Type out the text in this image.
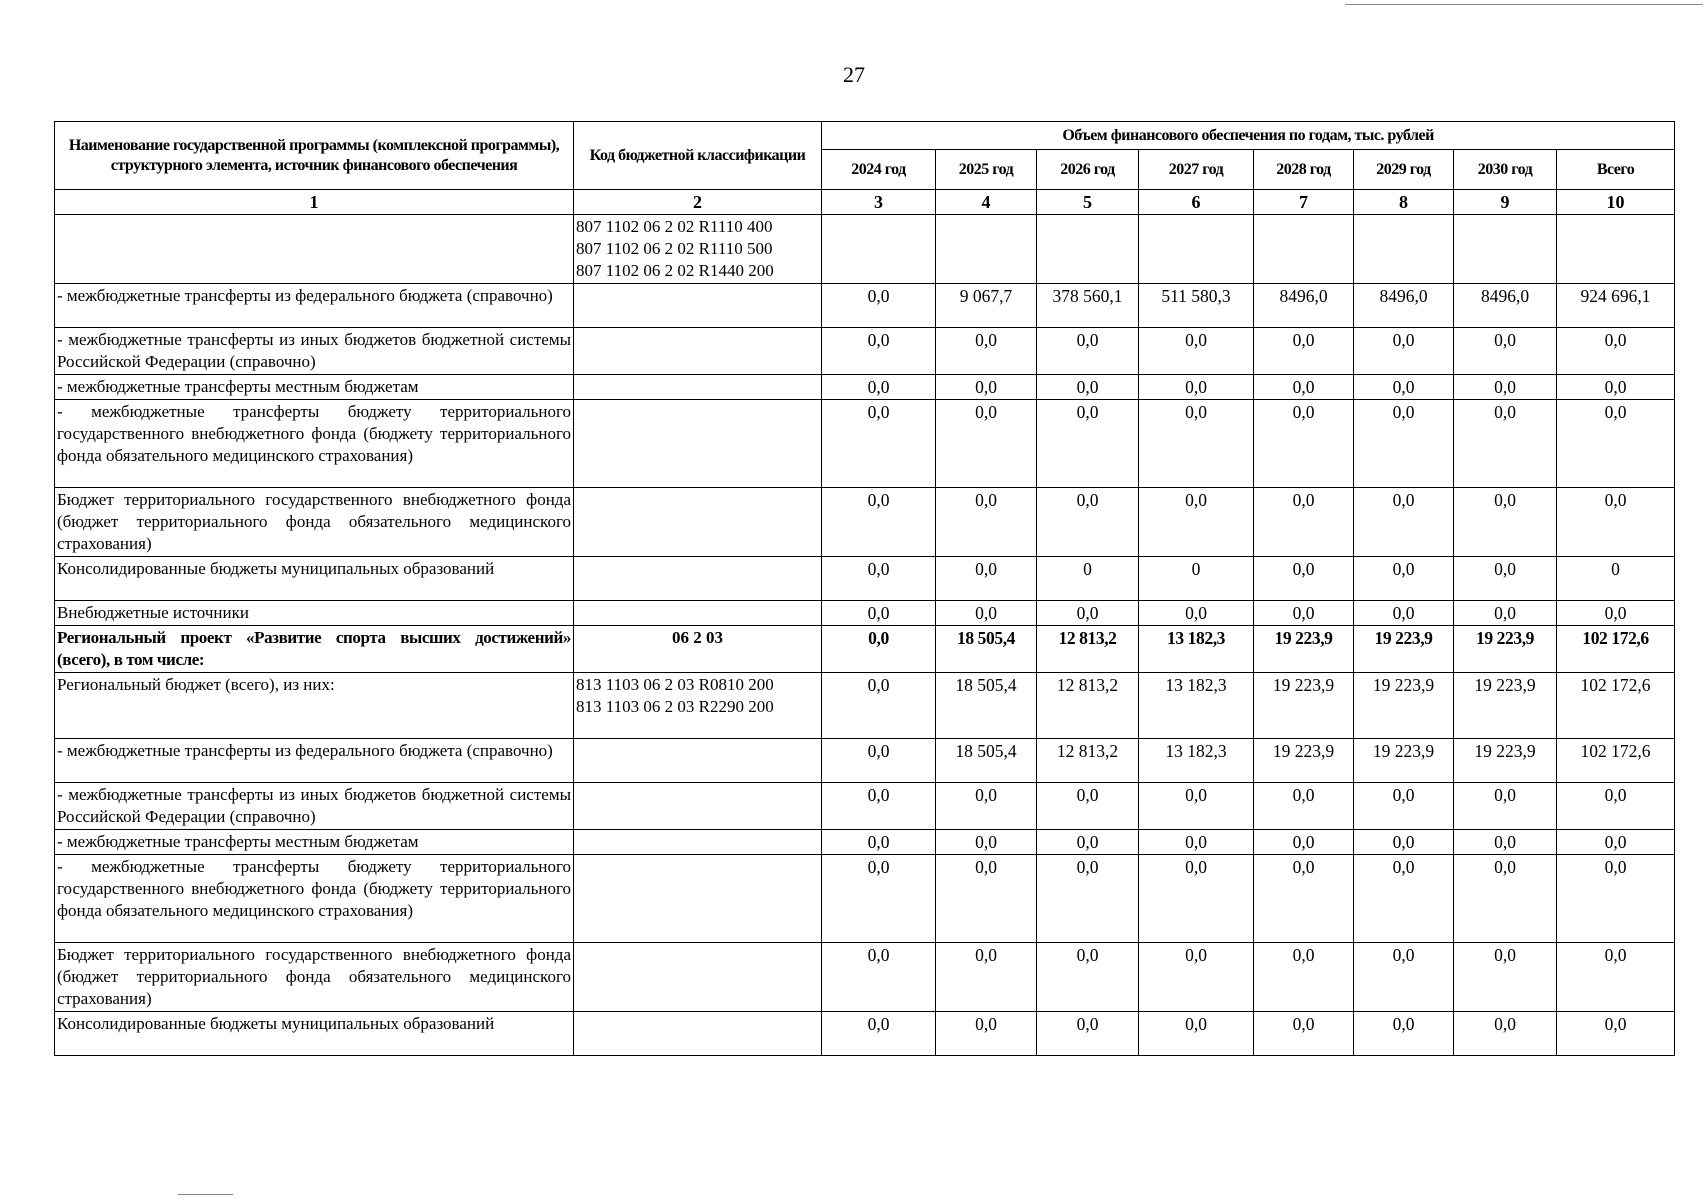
27
Наименование государственной программы (комплексной программы), структурного элемента, источник финансового обеспечения	Код бюджетной классификации	Объем финансового обеспечения по годам, тыс. рублей							
		2024 год	2025 год	2026 год	2027 год	2028 год	2029 год	2030 год	Всего
1	2	3	4	5	6	7	8	9	10

	807 1102 06 2 02 R1110 400
807 1102 06 2 02 R1110 500
807 1102 06 2 02 R1440 200								

- межбюджетные трансферты из федерального бюджета (справочно)		0,0	9 067,7	378 560,1	511 580,3	8496,0	8496,0	8496,0	924 696,1
- межбюджетные трансферты из иных бюджетов бюджетной системы Российской Федерации (справочно)		0,0	0,0	0,0	0,0	0,0	0,0	0,0	0,0
- межбюджетные трансферты местным бюджетам		0,0	0,0	0,0	0,0	0,0	0,0	0,0	0,0
- межбюджетные трансферты бюджету территориального государственного внебюджетного фонда (бюджету территориального фонда обязательного медицинского страхования)		0,0	0,0	0,0	0,0	0,0	0,0	0,0	0,0
Бюджет территориального государственного внебюджетного фонда (бюджет территориального фонда обязательного медицинского страхования)		0,0	0,0	0,0	0,0	0,0	0,0	0,0	0,0
Консолидированные бюджеты муниципальных образований		0,0	0,0	0	0	0,0	0,0	0,0	0
Внебюджетные источники		0,0	0,0	0,0	0,0	0,0	0,0	0,0	0,0
Региональный проект «Развитие спорта высших достижений» (всего), в том числе:	06 2 03	0,0	18 505,4	12 813,2	13 182,3	19 223,9	19 223,9	19 223,9	102 172,6
Региональный бюджет (всего), из них:	813 1103 06 2 03 R0810 200
813 1103 06 2 03 R2290 200	0,0	18 505,4	12 813,2	13 182,3	19 223,9	19 223,9	19 223,9	102 172,6
- межбюджетные трансферты из федерального бюджета (справочно)		0,0	18 505,4	12 813,2	13 182,3	19 223,9	19 223,9	19 223,9	102 172,6
- межбюджетные трансферты из иных бюджетов бюджетной системы Российской Федерации (справочно)		0,0	0,0	0,0	0,0	0,0	0,0	0,0	0,0
- межбюджетные трансферты местным бюджетам		0,0	0,0	0,0	0,0	0,0	0,0	0,0	0,0
- межбюджетные трансферты бюджету территориального государственного внебюджетного фонда (бюджету территориального фонда обязательного медицинского страхования)		0,0	0,0	0,0	0,0	0,0	0,0	0,0	0,0
Бюджет территориального государственного внебюджетного фонда (бюджет территориального фонда обязательного медицинского страхования)		0,0	0,0	0,0	0,0	0,0	0,0	0,0	0,0
Консолидированные бюджеты муниципальных образований		0,0	0,0	0,0	0,0	0,0	0,0	0,0	0,0
